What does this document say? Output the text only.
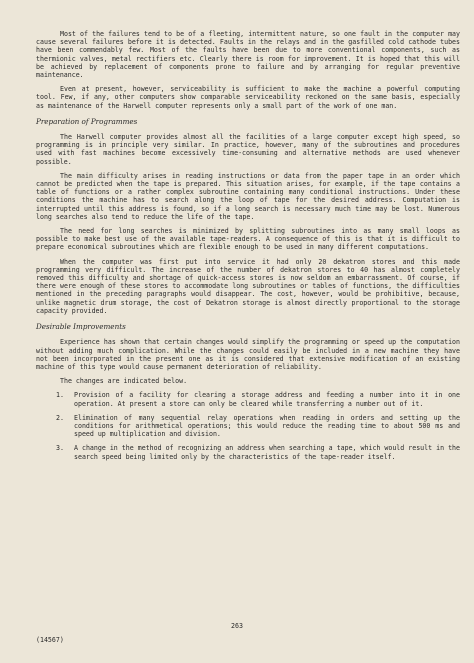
Most of the failures tend to be of a fleeting, intermittent nature, so one fault in the computer may cause several failures before it is detected. Faults in the relays and in the gasfilled cold cathode tubes have been commendably few. Most of the faults have been due to more conventional components, such as thermionic valves, metal rectifiers etc. Clearly there is room for improvement. It is hoped that this will be achieved by replacement of components prone to failure and by arranging for regular preventive maintenance.

Even at present, however, serviceability is sufficient to make the machine a powerful computing tool. Few, if any, other computers show comparable serviceability reckoned on the same basis, especially as maintenance of the Harwell computer represents only a small part of the work of one man.

Preparation of Programmes

The Harwell computer provides almost all the facilities of a large computer except high speed, so programming is in principle very similar. In practice, however, many of the subroutines and procedures used with fast machines become excessively time-consuming and alternative methods are used whenever possible.

The main difficulty arises in reading instructions or data from the paper tape in an order which cannot be predicted when the tape is prepared. This situation arises, for example, if the tape contains a table of functions or a rather complex subroutine containing many conditional instructions. Under these conditions the machine has to search along the loop of tape for the desired address. Computation is interrupted until this address is found, so if a long search is necessary much time may be lost. Numerous long searches also tend to reduce the life of the tape.

The need for long searches is minimized by splitting subroutines into as many small loops as possible to make best use of the available tape-readers. A consequence of this is that it is difficult to prepare economical subroutines which are flexible enough to be used in many different computations.

When the computer was first put into service it had only 20 dekatron stores and this made programming very difficult. The increase of the number of dekatron stores to 40 has almost completely removed this difficulty and shortage of quick-access stores is now seldom an embarrassment. Of course, if there were enough of these stores to accommodate long subroutines or tables of functions, the difficulties mentioned in the preceding paragraphs would disappear. The cost, however, would be prohibitive, because, unlike magnetic drum storage, the cost of Dekatron storage is almost directly proportional to the storage capacity provided.

Desirable Improvements

Experience has shown that certain changes would simplify the programming or speed up the computation without adding much complication. While the changes could easily be included in a new machine they have not been incorporated in the present one as it is considered that extensive modification of an existing machine of this type would cause permanent deterioration of reliability.

The changes are indicated below.

1.	Provision of a facility for clearing a storage address and feeding a number into it in one operation. At present a store can only be cleared while transferring a number out of it.
2.	Elimination of many sequential relay operations when reading in orders and setting up the conditions for arithmetical operations; this would reduce the reading time to about 500 ms and speed up multiplication and division.
3.	A change in the method of recognizing an address when searching a tape, which would result in the search speed being limited only by the characteristics of the tape-reader itself.
263
(14567)
